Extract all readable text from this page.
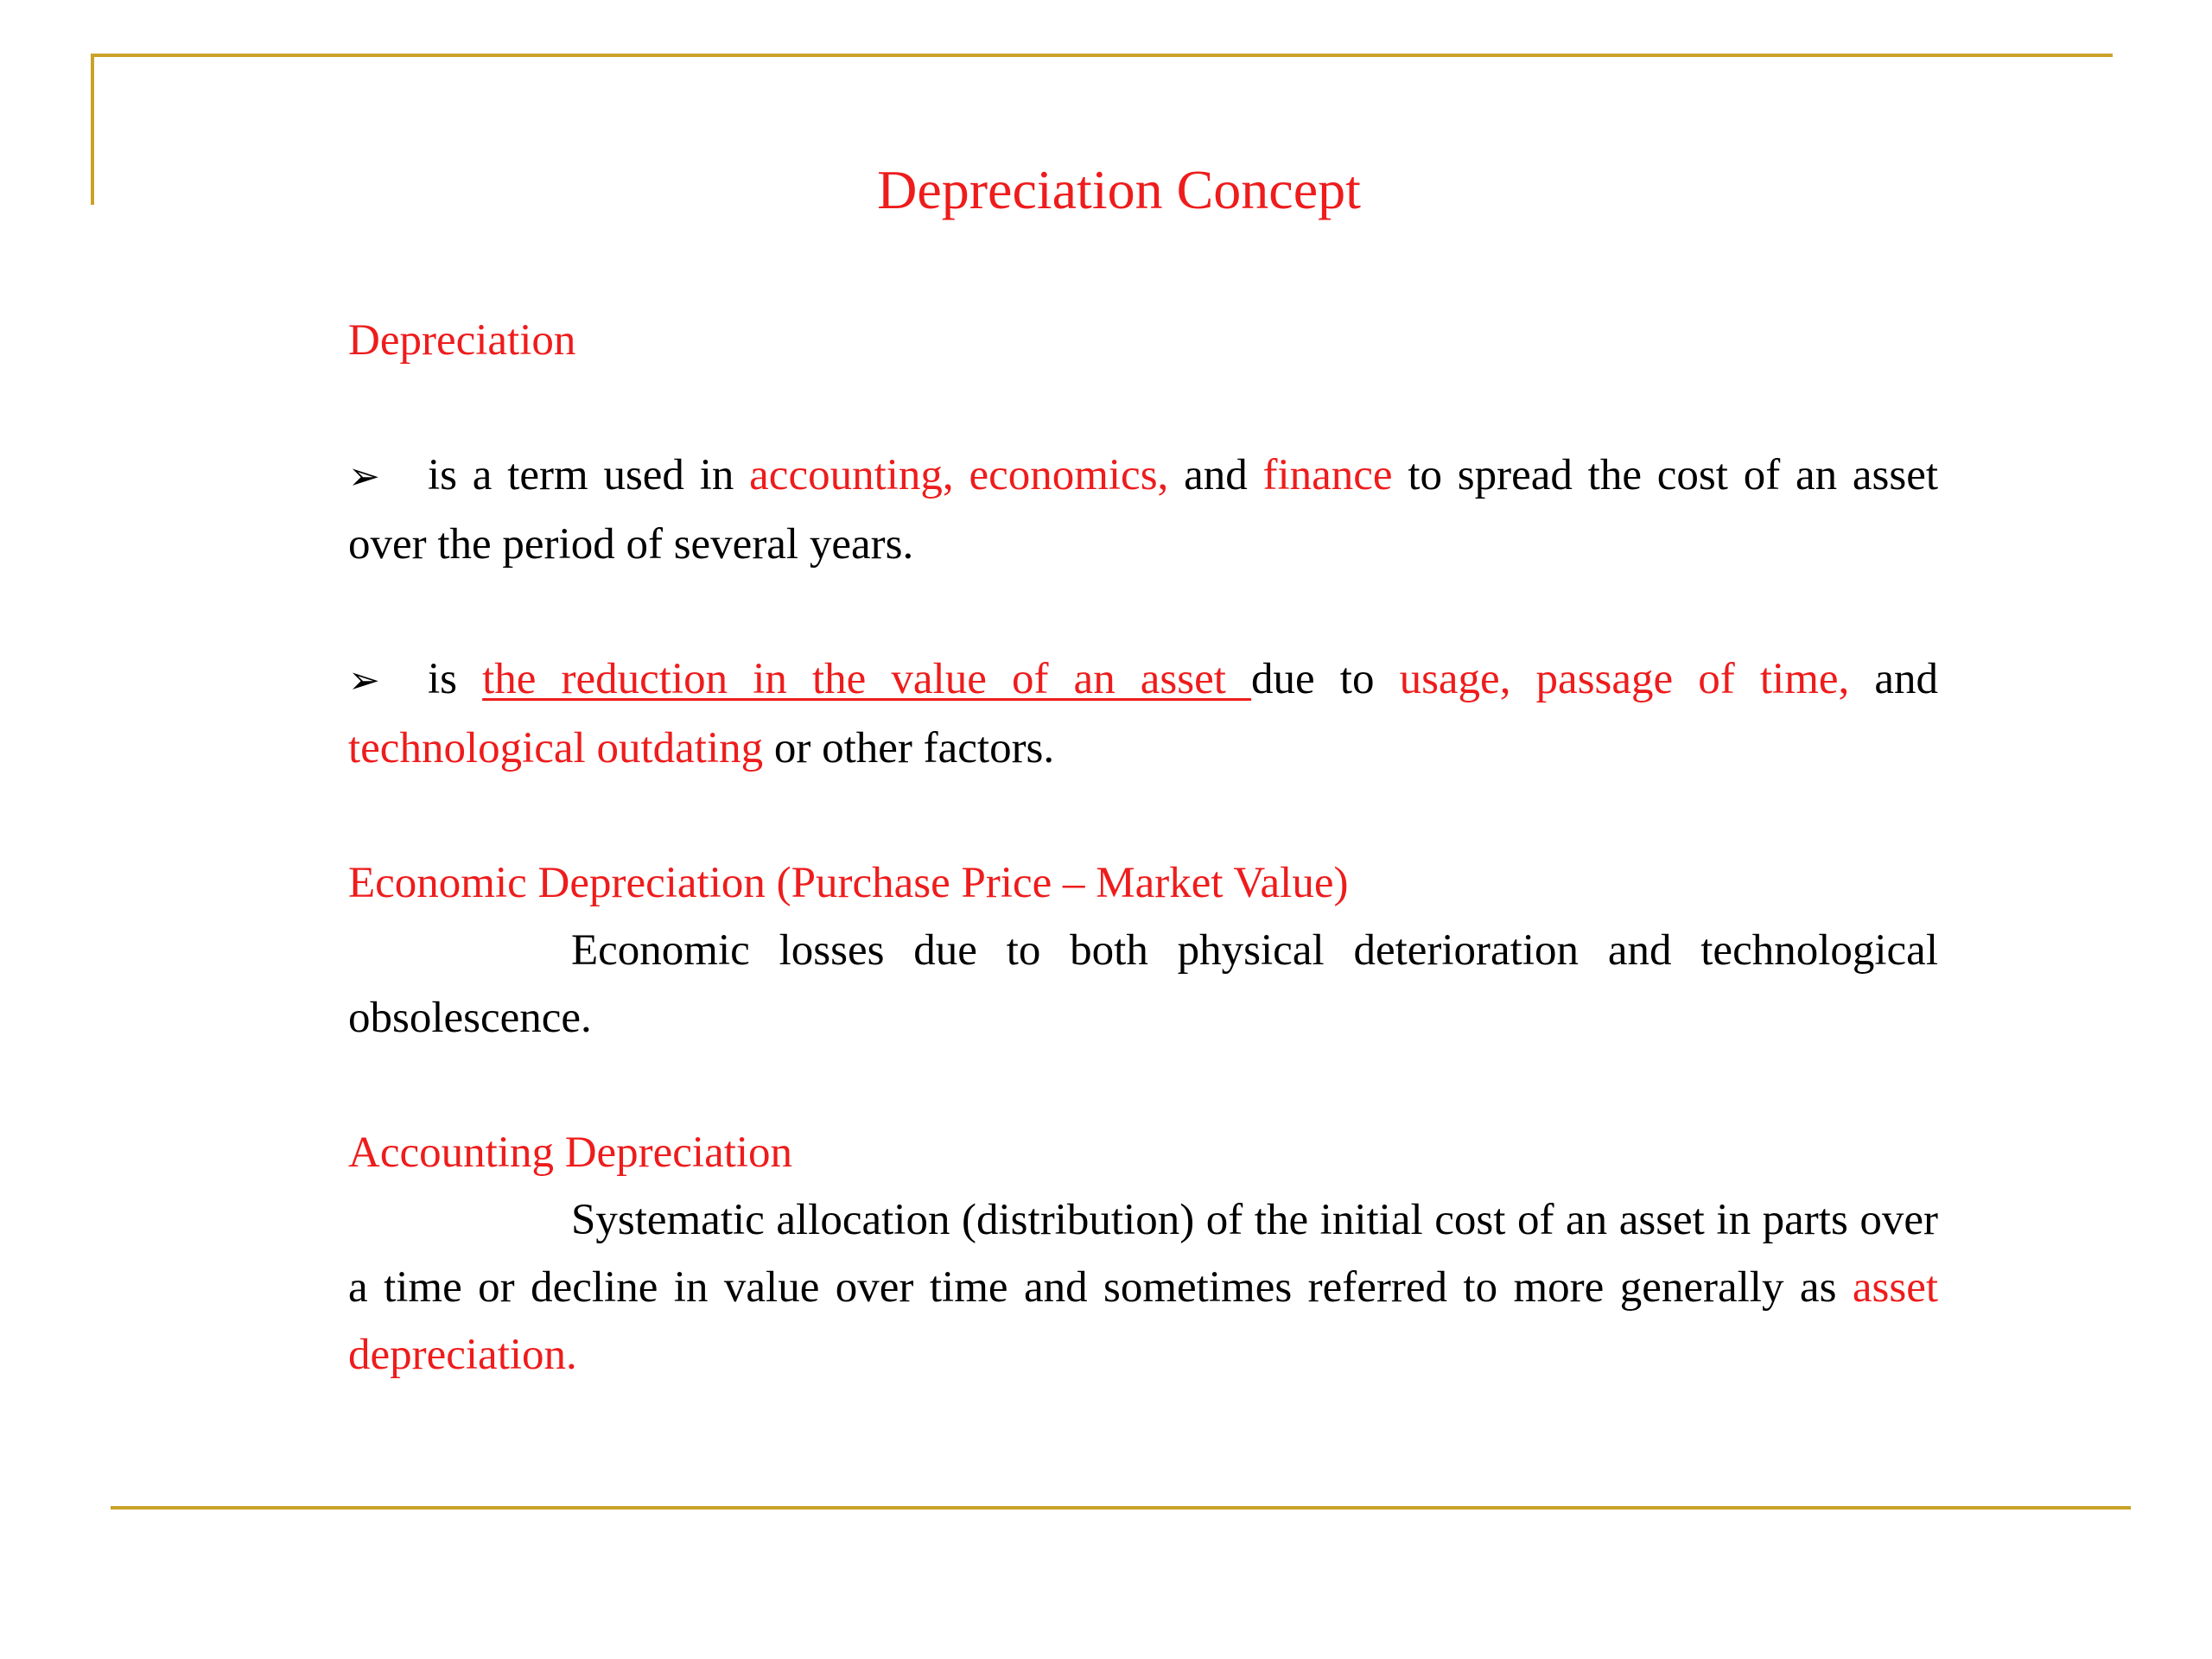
Depreciation Concept

Depreciation

➢ is a term used in accounting, economics, and finance to spread the cost of an asset over the period of several years.

➢ is the reduction in the value of an asset due to usage, passage of time, and technological outdating or other factors.

Economic Depreciation (Purchase Price – Market Value)

Economic losses due to both physical deterioration and technological obsolescence.

Accounting Depreciation

Systematic allocation (distribution) of the initial cost of an asset in parts over a time or decline in value over time and sometimes referred to more generally as asset depreciation.
